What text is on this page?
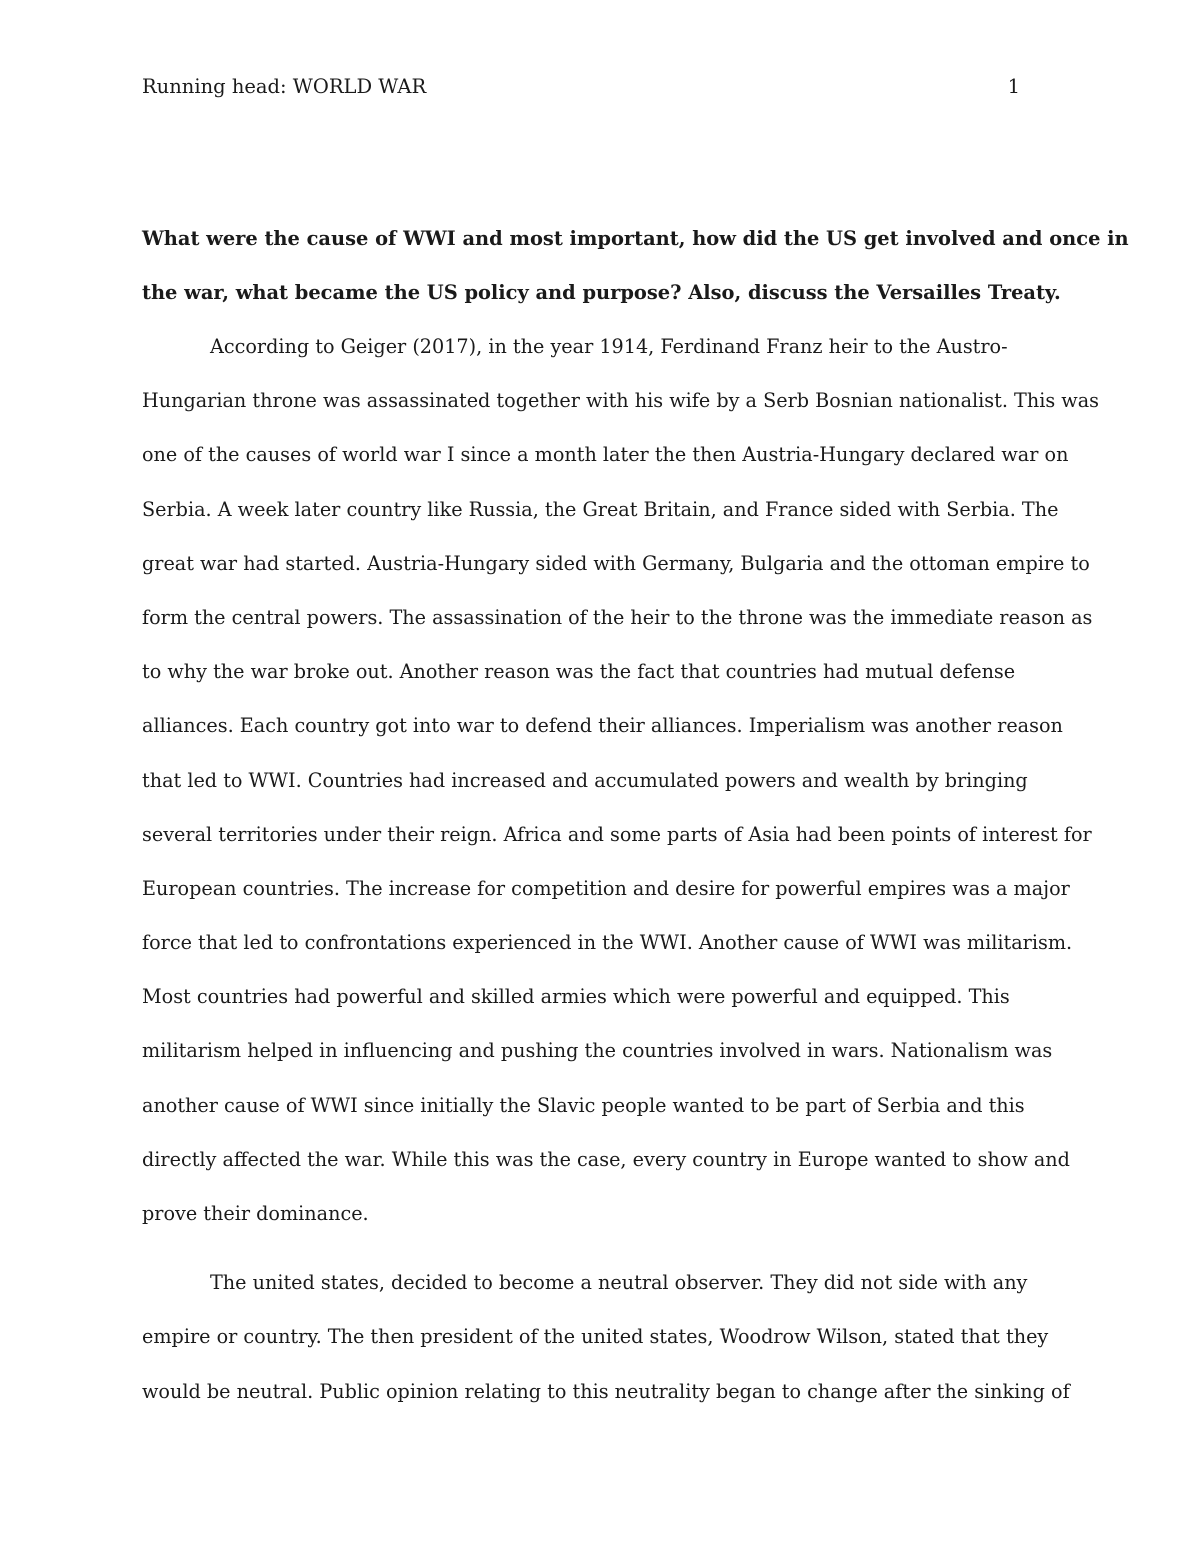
Running head: WORLD WAR	1
What were the cause of WWI and most important, how did the US get involved and once in
the war, what became the US policy and purpose? Also, discuss the Versailles Treaty.
According to Geiger (2017), in the year 1914, Ferdinand Franz heir to the Austro-
Hungarian throne was assassinated together with his wife by a Serb Bosnian nationalist. This was
one of the causes of world war I since a month later the then Austria-Hungary declared war on
Serbia. A week later country like Russia, the Great Britain, and France sided with Serbia. The
great war had started. Austria-Hungary sided with Germany, Bulgaria and the ottoman empire to
form the central powers. The assassination of the heir to the throne was the immediate reason as
to why the war broke out. Another reason was the fact that countries had mutual defense
alliances. Each country got into war to defend their alliances. Imperialism was another reason
that led to WWI. Countries had increased and accumulated powers and wealth by bringing
several territories under their reign. Africa and some parts of Asia had been points of interest for
European countries. The increase for competition and desire for powerful empires was a major
force that led to confrontations experienced in the WWI. Another cause of WWI was militarism.
Most countries had powerful and skilled armies which were powerful and equipped. This
militarism helped in influencing and pushing the countries involved in wars. Nationalism was
another cause of WWI since initially the Slavic people wanted to be part of Serbia and this
directly affected the war. While this was the case, every country in Europe wanted to show and
prove their dominance.
The united states, decided to become a neutral observer. They did not side with any
empire or country. The then president of the united states, Woodrow Wilson, stated that they
would be neutral. Public opinion relating to this neutrality began to change after the sinking of
